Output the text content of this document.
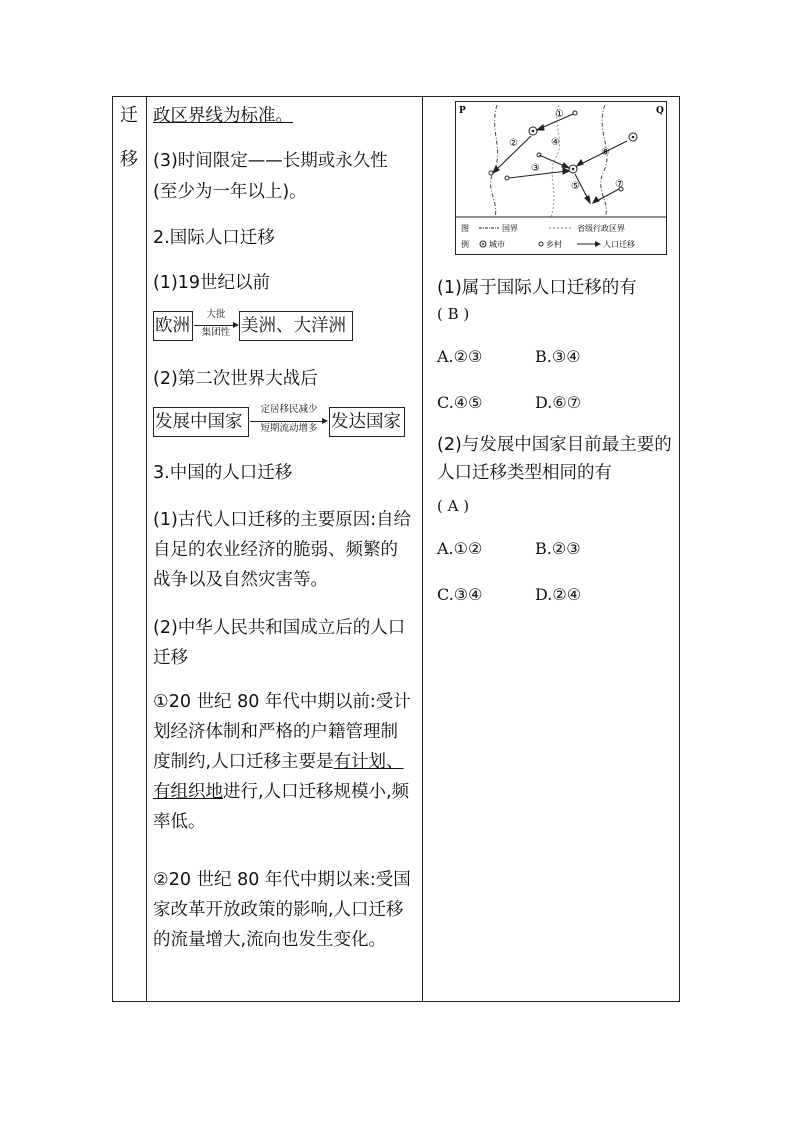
迁
移
政区界线为标准。
(3)时间限定——长期或永久性
(至少为一年以上)。
2.国际人口迁移
(1)19世纪以前
欧洲
大批
集团性 美洲、大洋洲
(2)第二次世界大战后
发展中国家
定居移民减少
短期流动增多 发达国家
3.中国的人口迁移
(1)古代人口迁移的主要原因:自给自足的农业经济的脆弱、频繁的战争以及自然灾害等。
(2)中华人民共和国成立后的人口迁移
①20 世纪 80 年代中期以前:受计划经济体制和严格的户籍管理制度制约,人口迁移主要是有计划、有组织地进行,人口迁移规模小,频率低。
②20 世纪 80 年代中期以来:受国家改革开放政策的影响,人口迁移的流量增大,流向也发生变化。
P	Q
①
②
③
④
⑤
⑥
⑦
图
例
国界	省级行政区界
城市	乡村	人口迁移
(1)属于国际人口迁移的有
( B )
A.②③	B.③④
C.④⑤	D.⑥⑦
(2)与发展中国家目前最主要的人口迁移类型相同的有
( A )
A.①②	B.②③
C.③④	D.②④
